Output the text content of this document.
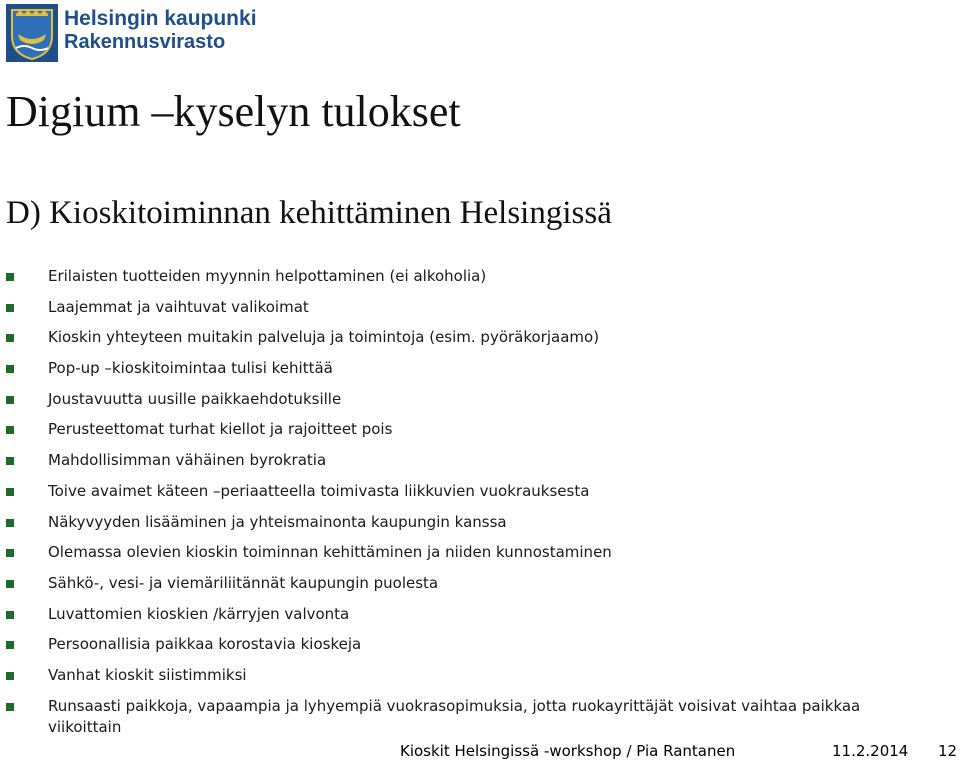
Helsingin kaupunki
Rakennusvirasto
Digium –kyselyn tulokset
D) Kioskitoiminnan kehittäminen Helsingissä
Erilaisten tuotteiden myynnin helpottaminen (ei alkoholia)
Laajemmat ja vaihtuvat valikoimat
Kioskin yhteyteen muitakin palveluja ja toimintoja (esim. pyöräkorjaamo)
Pop-up –kioskitoimintaa tulisi kehittää
Joustavuutta uusille paikkaehdotuksille
Perusteettomat turhat kiellot ja rajoitteet pois
Mahdollisimman vähäinen byrokratia
Toive avaimet käteen –periaatteella toimivasta liikkuvien vuokrauksesta
Näkyvyyden lisääminen ja yhteismainonta kaupungin kanssa
Olemassa olevien kioskin toiminnan kehittäminen ja niiden kunnostaminen
Sähkö-, vesi- ja viemäriliitännät kaupungin puolesta
Luvattomien kioskien /kärryjen valvonta
Persoonallisia paikkaa korostavia kioskeja
Vanhat kioskit siistimmiksi
Runsaasti paikkoja, vapaampia ja lyhyempiä vuokrasopimuksia, jotta ruokayrittäjät voisivat vaihtaa paikkaa viikoittain
Kioskit Helsingissä -workshop / Pia Rantanen	11.2.2014 12
